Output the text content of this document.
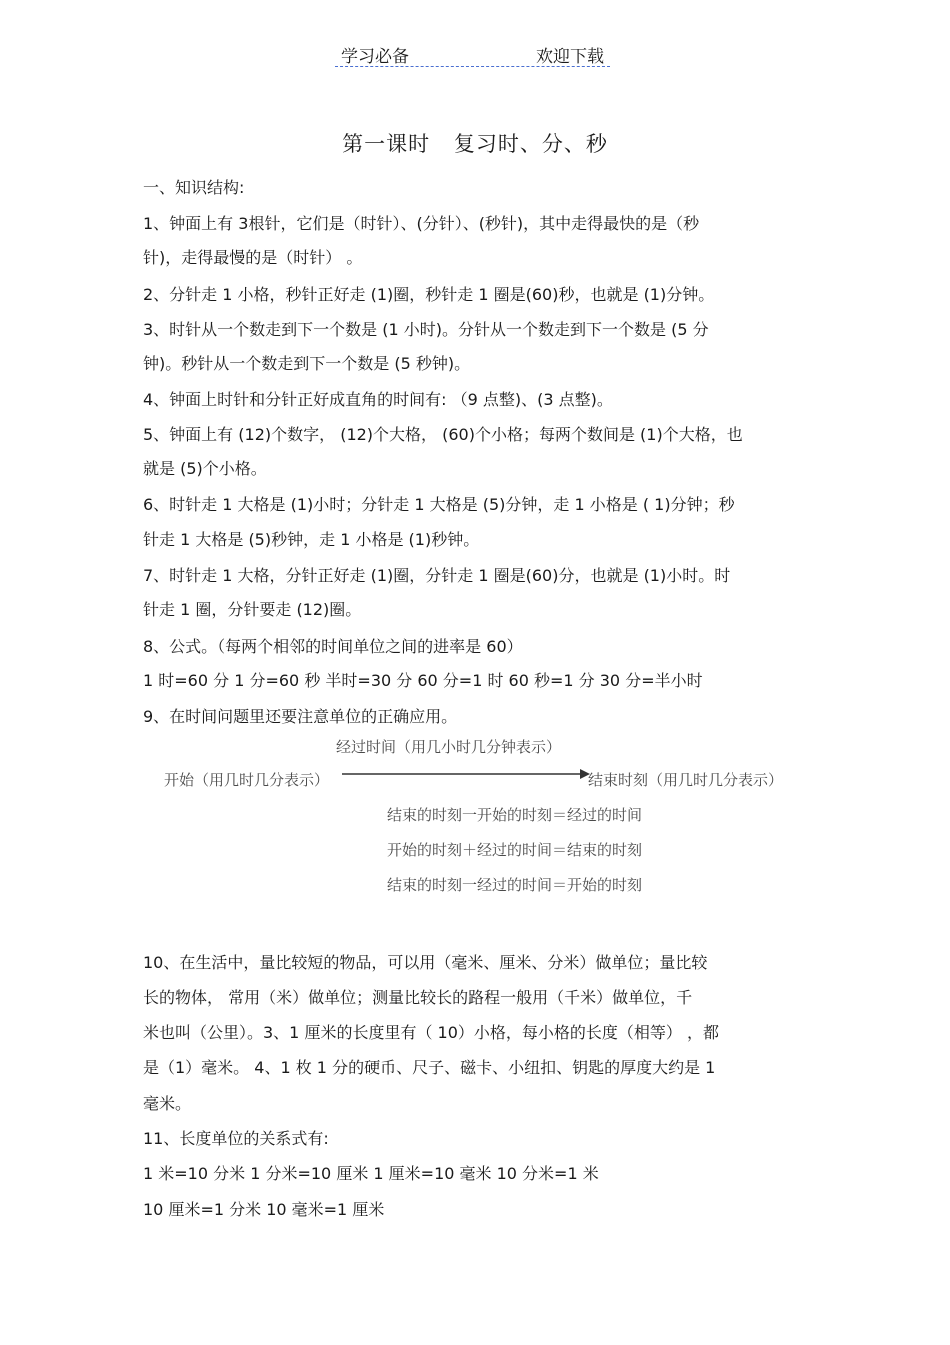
学习必备	欢迎下载
第一课时 复习时、分、秒
一、知识结构:
1、钟面上有 3根针，它们是（时针）、(分针）、(秒针)，其中走得最快的是（秒
针)，走得最慢的是（时针） 。
2、分针走 1 小格，秒针正好走 (1)圈，秒针走 1 圈是(60)秒，也就是 (1)分钟。
3、时针从一个数走到下一个数是 (1 小时)。分针从一个数走到下一个数是 (5 分
钟)。秒针从一个数走到下一个数是 (5 秒钟)。
4、钟面上时针和分针正好成直角的时间有: （9 点整)、(3 点整)。
5、钟面上有 (12)个数字， (12)个大格， (60)个小格；每两个数间是 (1)个大格，也
就是 (5)个小格。
6、时针走 1 大格是 (1)小时；分针走 1 大格是 (5)分钟，走 1 小格是 ( 1)分钟；秒
针走 1 大格是 (5)秒钟，走 1 小格是 (1)秒钟。
7、时针走 1 大格，分针正好走 (1)圈，分针走 1 圈是(60)分，也就是 (1)小时。时
针走 1 圈，分针要走 (12)圈。
8、公式。（每两个相邻的时间单位之间的进率是 60）
1 时=60 分 1 分=60 秒 半时=30 分 60 分=1 时 60 秒=1 分 30 分=半小时
9、在时间问题里还要注意单位的正确应用。
经过时间（用几小时几分钟表示）
开始（用几时几分表示）	结束时刻（用几时几分表示）
结束的时刻一开始的时刻＝经过的时间
开始的时刻＋经过的时间＝结束的时刻
结束的时刻一经过的时间＝开始的时刻
10、在生活中，量比较短的物品，可以用（毫米、厘米、分米）做单位；量比较
长的物体， 常用（米）做单位；测量比较长的路程一般用（千米）做单位，千
米也叫（公里）。3、1 厘米的长度里有（ 10）小格，每小格的长度（相等） ，都
是（1）毫米。 4、1 枚 1 分的硬币、尺子、磁卡、小纽扣、钥匙的厚度大约是 1
毫米。
11、长度单位的关系式有:
1 米=10 分米 1 分米=10 厘米 1 厘米=10 毫米 10 分米=1 米
10 厘米=1 分米 10 毫米=1 厘米
